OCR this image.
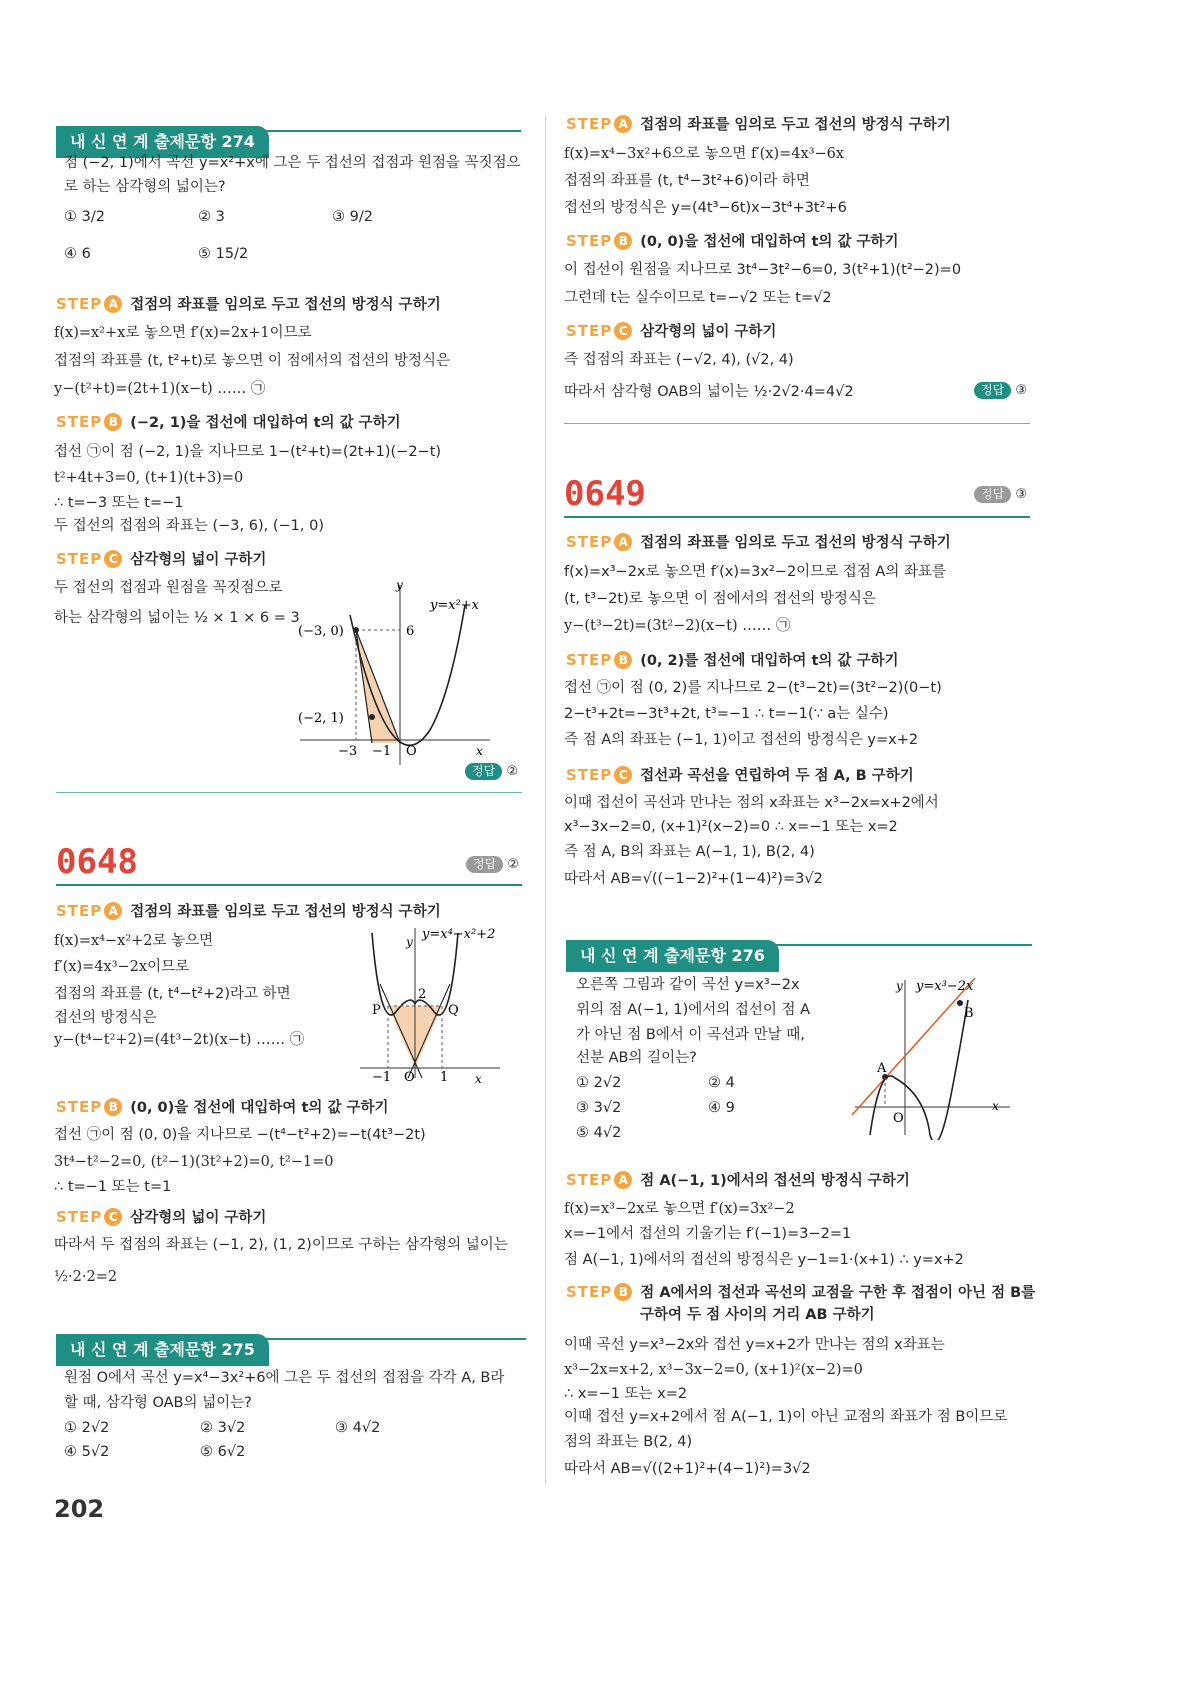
내 신 연 계 출제문항 274
점 (−2, 1)에서 곡선 y=x²+x에 그은 두 접선의 접점과 원점을 꼭짓점으
로 하는 삼각형의 넓이는?
① 3/2	② 3	③ 9/2
④ 6	⑤ 15/2
STEP A 접점의 좌표를 임의로 두고 접선의 방정식 구하기
f(x)=x²+x로 놓으면 f′(x)=2x+1이므로
접점의 좌표를 (t, t²+t)로 놓으면 이 점에서의 접선의 방정식은
y−(t²+t)=(2t+1)(x−t) …… ㉠
STEP B (−2, 1)을 접선에 대입하여 t의 값 구하기
접선 ㉠이 점 (−2, 1)을 지나므로 1−(t²+t)=(2t+1)(−2−t)
t²+4t+3=0, (t+1)(t+3)=0
∴ t=−3 또는 t=−1
두 접선의 접점의 좌표는 (−3, 6), (−1, 0)
STEP C 삼각형의 넓이 구하기
두 접선의 접점과 원점을 꼭짓점으로
하는 삼각형의 넓이는 ½ × 1 × 6 = 3
y
x
y=x²+x
(−3, 0)
(−2, 1)
6
−3 −1 O
정답 ②
0648	정답 ②
STEP A 접점의 좌표를 임의로 두고 접선의 방정식 구하기
f(x)=x⁴−x²+2로 놓으면
f′(x)=4x³−2x이므로
접점의 좌표를 (t, t⁴−t²+2)라고 하면
접선의 방정식은
y−(t⁴−t²+2)=(4t³−2t)(x−t) …… ㉠
y
x
y=x⁴−x²+2
P	Q
2
−1 O 1
STEP B (0, 0)을 접선에 대입하여 t의 값 구하기
접선 ㉠이 점 (0, 0)을 지나므로 −(t⁴−t²+2)=−t(4t³−2t)
3t⁴−t²−2=0, (t²−1)(3t²+2)=0, t²−1=0
∴ t=−1 또는 t=1
STEP C 삼각형의 넓이 구하기
따라서 두 접점의 좌표는 (−1, 2), (1, 2)이므로 구하는 삼각형의 넓이는
½·2·2=2
내 신 연 계 출제문항 275
원점 O에서 곡선 y=x⁴−3x²+6에 그은 두 접선의 접점을 각각 A, B라
할 때, 삼각형 OAB의 넓이는?
① 2√2	② 3√2	③ 4√2
④ 5√2	⑤ 6√2
202
STEP A 접점의 좌표를 임의로 두고 접선의 방정식 구하기
f(x)=x⁴−3x²+6으로 놓으면 f′(x)=4x³−6x
접점의 좌표를 (t, t⁴−3t²+6)이라 하면
접선의 방정식은 y=(4t³−6t)x−3t⁴+3t²+6
STEP B (0, 0)을 접선에 대입하여 t의 값 구하기
이 접선이 원점을 지나므로 3t⁴−3t²−6=0, 3(t²+1)(t²−2)=0
그런데 t는 실수이므로 t=−√2 또는 t=√2
STEP C 삼각형의 넓이 구하기
즉 접점의 좌표는 (−√2, 4), (√2, 4)
따라서 삼각형 OAB의 넓이는 ½·2√2·4=4√2	정답 ③
0649	정답 ③
STEP A 접점의 좌표를 임의로 두고 접선의 방정식 구하기
f(x)=x³−2x로 놓으면 f′(x)=3x²−2이므로 접점 A의 좌표를
(t, t³−2t)로 놓으면 이 점에서의 접선의 방정식은
y−(t³−2t)=(3t²−2)(x−t) …… ㉠
STEP B (0, 2)를 접선에 대입하여 t의 값 구하기
접선 ㉠이 점 (0, 2)를 지나므로 2−(t³−2t)=(3t²−2)(0−t)
2−t³+2t=−3t³+2t, t³=−1 ∴ t=−1(∵ a는 실수)
즉 점 A의 좌표는 (−1, 1)이고 접선의 방정식은 y=x+2
STEP C 접선과 곡선을 연립하여 두 점 A, B 구하기
이때 접선이 곡선과 만나는 점의 x좌표는 x³−2x=x+2에서
x³−3x−2=0, (x+1)²(x−2)=0 ∴ x=−1 또는 x=2
즉 점 A, B의 좌표는 A(−1, 1), B(2, 4)
따라서 AB=√((−1−2)²+(1−4)²)=3√2
내 신 연 계 출제문항 276
오른쪽 그림과 같이 곡선 y=x³−2x
위의 점 A(−1, 1)에서의 접선이 점 A
가 아닌 점 B에서 이 곡선과 만날 때,
선분 AB의 길이는?
① 2√2	② 4
③ 3√2	④ 9
⑤ 4√2
y
x
y=x³−2x
A
B
O
STEP A 점 A(−1, 1)에서의 접선의 방정식 구하기
f(x)=x³−2x로 놓으면 f′(x)=3x²−2
x=−1에서 접선의 기울기는 f′(−1)=3−2=1
점 A(−1, 1)에서의 접선의 방정식은 y−1=1·(x+1) ∴ y=x+2
STEP B 점 A에서의 접선과 곡선의 교점을 구한 후 접점이 아닌 점 B를
구하여 두 점 사이의 거리 AB 구하기
이때 곡선 y=x³−2x와 접선 y=x+2가 만나는 점의 x좌표는
x³−2x=x+2, x³−3x−2=0, (x+1)²(x−2)=0
∴ x=−1 또는 x=2
이때 접선 y=x+2에서 점 A(−1, 1)이 아닌 교점의 좌표가 점 B이므로
점의 좌표는 B(2, 4)
따라서 AB=√((2+1)²+(4−1)²)=3√2
